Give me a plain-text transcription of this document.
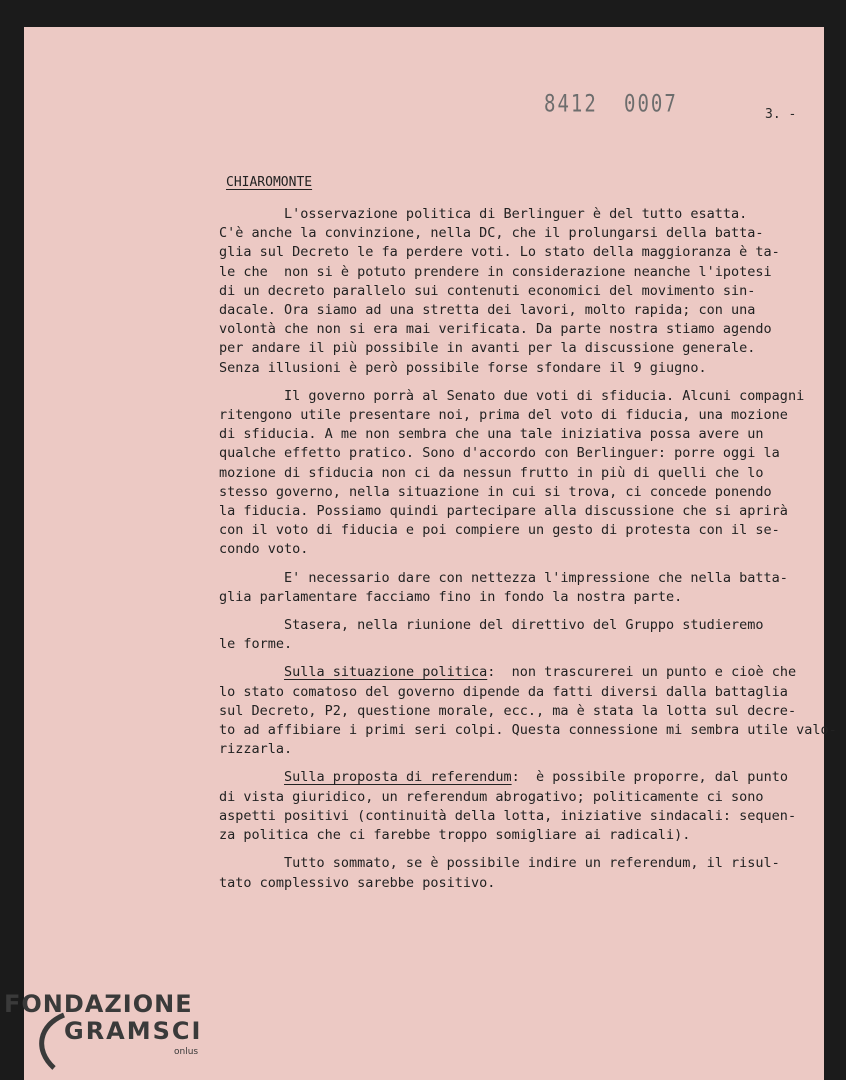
8412 0007	3. -
CHIAROMONTE
L'osservazione politica di Berlinguer è del tutto esatta.
C'è anche la convinzione, nella DC, che il prolungarsi della batta-
glia sul Decreto le fa perdere voti. Lo stato della maggioranza è ta-
le che  non si è potuto prendere in considerazione neanche l'ipotesi
di un decreto parallelo sui contenuti economici del movimento sin-
dacale. Ora siamo ad una stretta dei lavori, molto rapida; con una
volontà che non si era mai verificata. Da parte nostra stiamo agendo
per andare il più possibile in avanti per la discussione generale.
Senza illusioni è però possibile forse sfondare il 9 giugno.
Il governo porrà al Senato due voti di sfiducia. Alcuni compagni
ritengono utile presentare noi, prima del voto di fiducia, una mozione
di sfiducia. A me non sembra che una tale iniziativa possa avere un
qualche effetto pratico. Sono d'accordo con Berlinguer: porre oggi la
mozione di sfiducia non ci da nessun frutto in più di quelli che lo
stesso governo, nella situazione in cui si trova, ci concede ponendo
la fiducia. Possiamo quindi partecipare alla discussione che si aprirà
con il voto di fiducia e poi compiere un gesto di protesta con il se-
condo voto.
E' necessario dare con nettezza l'impressione che nella batta-
glia parlamentare facciamo fino in fondo la nostra parte.
Stasera, nella riunione del direttivo del Gruppo studieremo
le forme.
Sulla situazione politica:  non trascurerei un punto e cioè che
lo stato comatoso del governo dipende da fatti diversi dalla battaglia
sul Decreto, P2, questione morale, ecc., ma è stata la lotta sul decre-
to ad affibiare i primi seri colpi. Questa connessione mi sembra utile valo-
rizzarla.
Sulla proposta di referendum:  è possibile proporre, dal punto
di vista giuridico, un referendum abrogativo; politicamente ci sono
aspetti positivi (continuità della lotta, iniziative sindacali: sequen-
za politica che ci farebbe troppo somigliare ai radicali).
Tutto sommato, se è possibile indire un referendum, il risul-
tato complessivo sarebbe positivo.
FONDAZIONE
GRAMSCI
onlus
